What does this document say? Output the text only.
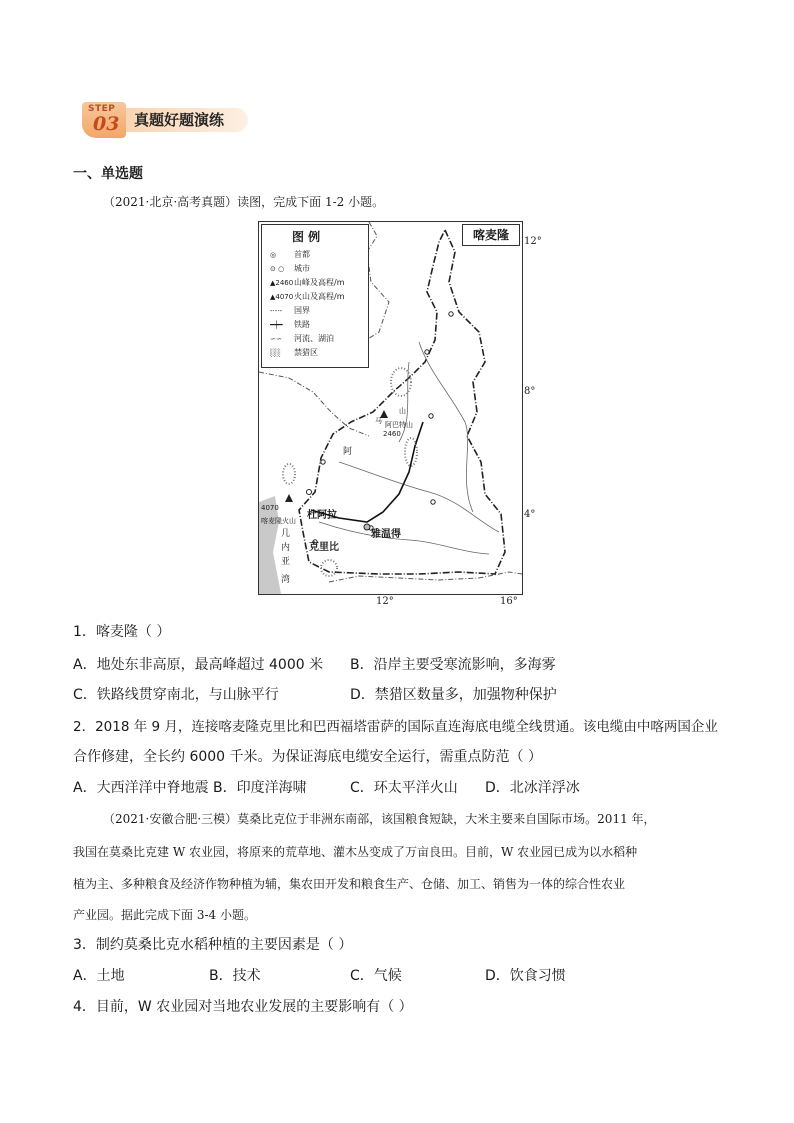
STEP
03 真题好题演练
一、单选题
（2021·北京·高考真题）读图，完成下面 1-2 小题。
图 例
◎ 首都
⊙ ○ 城市
▲2460山峰及高程/m
▲4070火山及高程/m
-·-·- 国界
━┿━ 铁路
∽∽ 河流、湖泊
░░ 禁猎区
喀麦隆
山
马 阿巴特山
2460
阿
4070
喀麦隆火山 杜阿拉
雅温得
克里比
几
内
亚
湾
12°
8°
4°
12°	16°
1．喀麦隆（ ）
A．地处东非高原，最高峰超过 4000 米 B．沿岸主要受寒流影响，多海雾
C．铁路线贯穿南北，与山脉平行	D．禁猎区数量多，加强物种保护
2．2018 年 9 月，连接喀麦隆克里比和巴西福塔雷萨的国际直连海底电缆全线贯通。该电缆由中喀两国企业
合作修建，全长约 6000 千米。为保证海底电缆安全运行，需重点防范（ ）
A．大西洋洋中脊地震 B．印度洋海啸	C．环太平洋火山 D．北冰洋浮冰
（2021·安徽合肥·三模）莫桑比克位于非洲东南部，该国粮食短缺，大米主要来自国际市场。2011 年，
我国在莫桑比克建 W 农业园，将原来的荒草地、灌木丛变成了万亩良田。目前，W 农业园已成为以水稻种
植为主、多种粮食及经济作物种植为辅，集农田开发和粮食生产、仓储、加工、销售为一体的综合性农业
产业园。据此完成下面 3-4 小题。
3．制约莫桑比克水稻种植的主要因素是（ ）
A．土地	B．技术	C．气候	D．饮食习惯
4．目前，W 农业园对当地农业发展的主要影响有（ ）
